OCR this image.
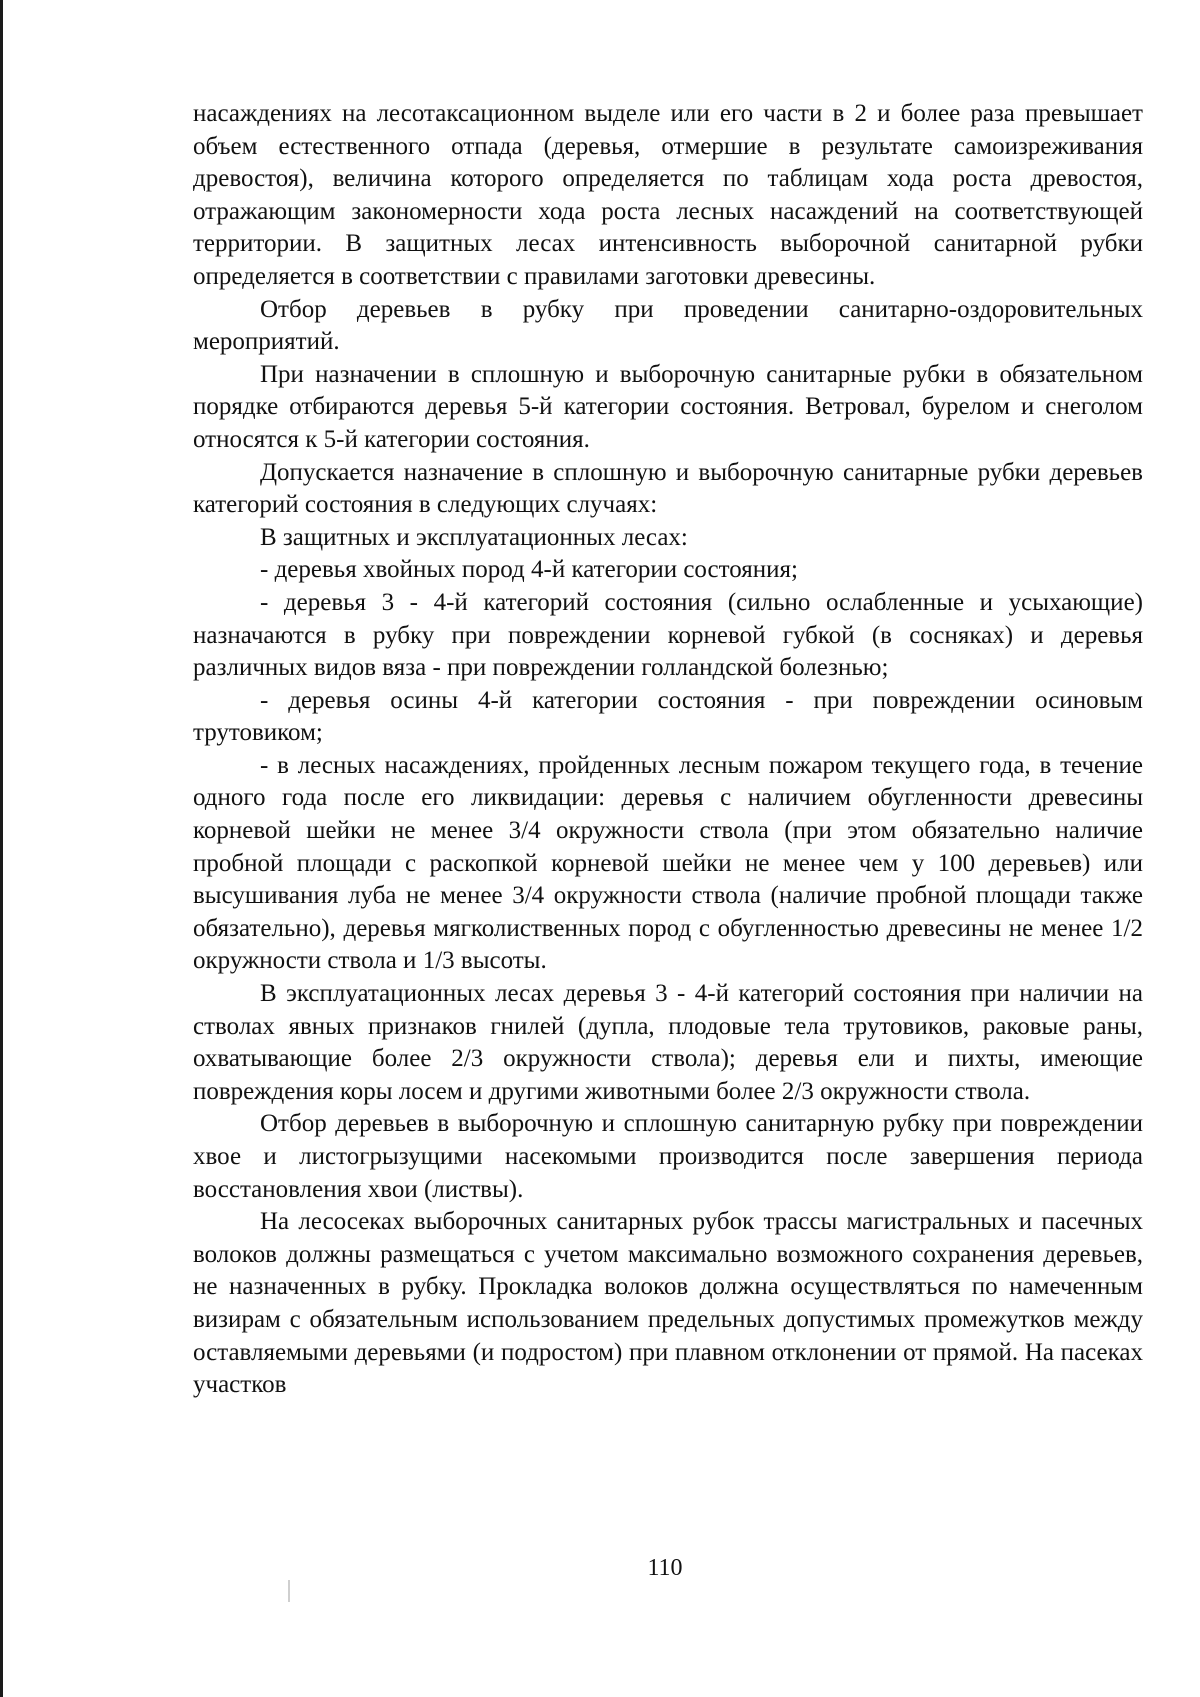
насаждениях на лесотаксационном выделе или его части в 2 и более раза превышает объем естественного отпада (деревья, отмершие в результате самоизреживания древостоя), величина которого определяется по таблицам хода роста древостоя, отражающим закономерности хода роста лесных насаждений на соответствующей территории. В защитных лесах интенсивность выборочной санитарной рубки определяется в соответствии с правилами заготовки древесины.

Отбор деревьев в рубку при проведении санитарно-оздоровительных мероприятий.

При назначении в сплошную и выборочную санитарные рубки в обязательном порядке отбираются деревья 5-й категории состояния. Ветровал, бурелом и снеголом относятся к 5-й категории состояния.

Допускается назначение в сплошную и выборочную санитарные рубки деревьев категорий состояния в следующих случаях:

В защитных и эксплуатационных лесах:

- деревья хвойных пород 4-й категории состояния;

- деревья 3 - 4-й категорий состояния (сильно ослабленные и усыхающие) назначаются в рубку при повреждении корневой губкой (в сосняках) и деревья различных видов вяза - при повреждении голландской болезнью;

- деревья осины 4-й категории состояния - при повреждении осиновым трутовиком;

- в лесных насаждениях, пройденных лесным пожаром текущего года, в течение одного года после его ликвидации: деревья с наличием обугленности древесины корневой шейки не менее 3/4 окружности ствола (при этом обязательно наличие пробной площади с раскопкой корневой шейки не менее чем у 100 деревьев) или высушивания луба не менее 3/4 окружности ствола (наличие пробной площади также обязательно), деревья мягколиственных пород с обугленностью древесины не менее 1/2 окружности ствола и 1/3 высоты.

В эксплуатационных лесах деревья 3 - 4-й категорий состояния при наличии на стволах явных признаков гнилей (дупла, плодовые тела трутовиков, раковые раны, охватывающие более 2/3 окружности ствола); деревья ели и пихты, имеющие повреждения коры лосем и другими животными более 2/3 окружности ствола.

Отбор деревьев в выборочную и сплошную санитарную рубку при повреждении хвое и листогрызущими насекомыми производится после завершения периода восстановления хвои (листвы).

На лесосеках выборочных санитарных рубок трассы магистральных и пасечных волоков должны размещаться с учетом максимально возможного сохранения деревьев, не назначенных в рубку. Прокладка волоков должна осуществляться по намеченным визирам с обязательным использованием предельных допустимых промежутков между оставляемыми деревьями (и подростом) при плавном отклонении от прямой. На пасеках участков

110
